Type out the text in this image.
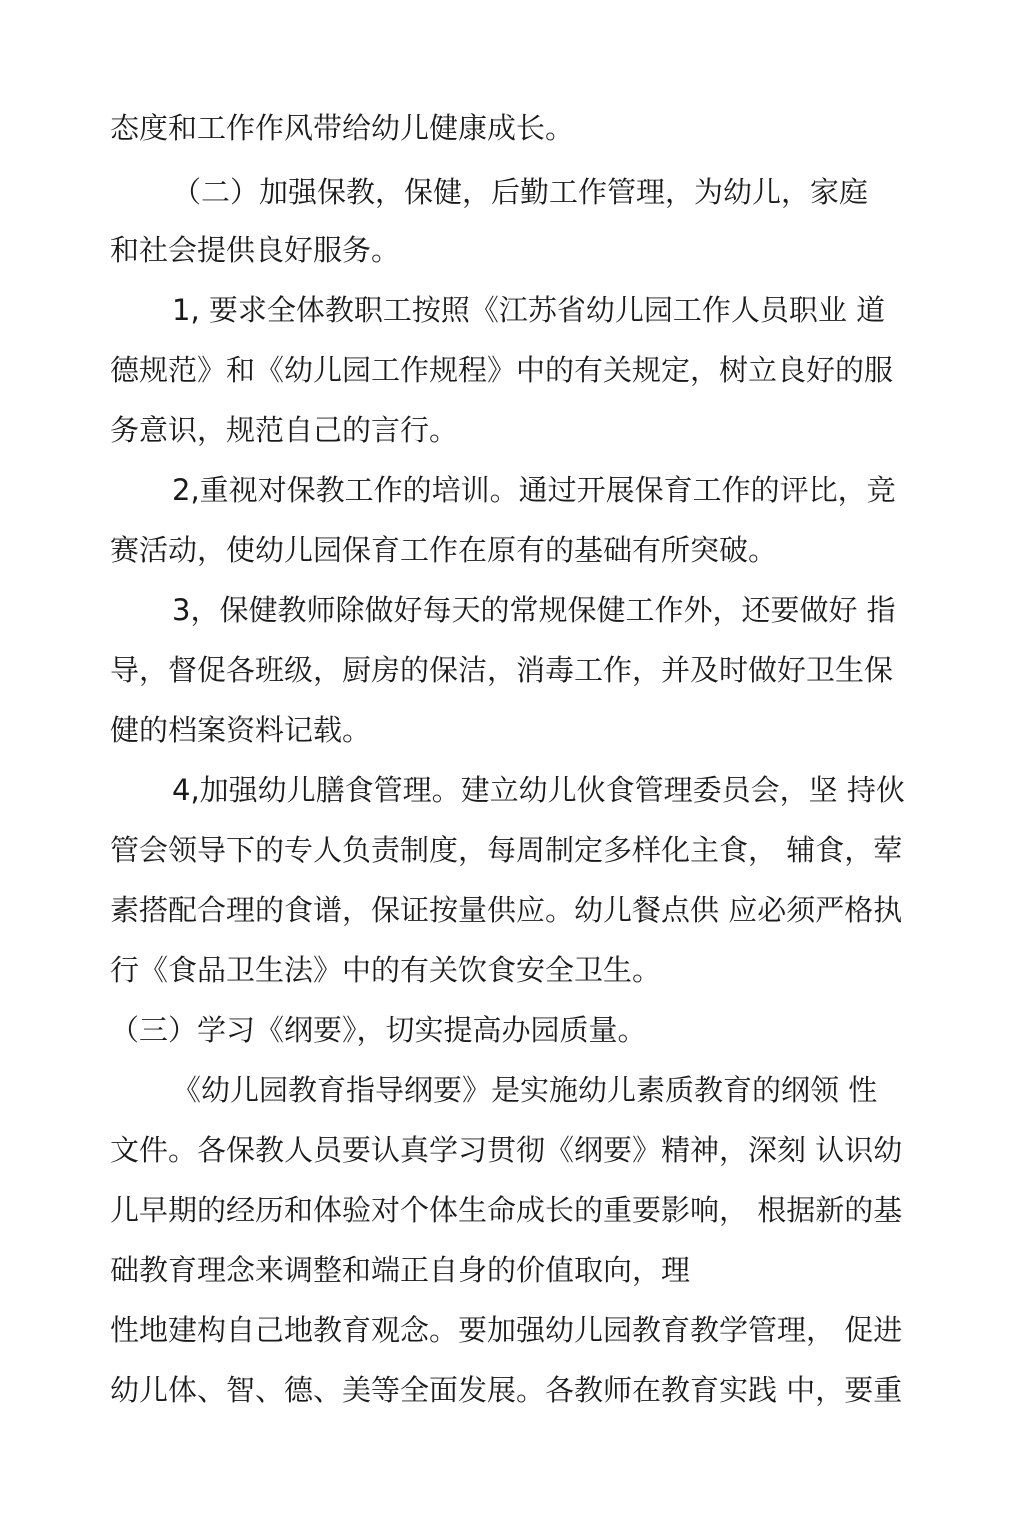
态度和工作作风带给幼儿健康成长。
（二）加强保教，保健，后勤工作管理，为幼儿，家庭
和社会提供良好服务。
1, 要求全体教职工按照《江苏省幼儿园工作人员职业 道
德规范》和《幼儿园工作规程》中的有关规定，树立良好的服
务意识，规范自己的言行。
2,重视对保教工作的培训。通过开展保育工作的评比，竞
赛活动，使幼儿园保育工作在原有的基础有所突破。
3，保健教师除做好每天的常规保健工作外，还要做好 指
导，督促各班级，厨房的保洁，消毒工作，并及时做好卫生保
健的档案资料记载。
4,加强幼儿膳食管理。建立幼儿伙食管理委员会，坚 持伙
管会领导下的专人负责制度，每周制定多样化主食， 辅食，荤
素搭配合理的食谱，保证按量供应。幼儿餐点供 应必须严格执
行《食品卫生法》中的有关饮食安全卫生。
（三）学习《纲要》，切实提高办园质量。
《幼儿园教育指导纲要》是实施幼儿素质教育的纲领 性
文件。各保教人员要认真学习贯彻《纲要》精神，深刻 认识幼
儿早期的经历和体验对个体生命成长的重要影响， 根据新的基
础教育理念来调整和端正自身的价值取向，理
性地建构自己地教育观念。要加强幼儿园教育教学管理， 促进
幼儿体、智、德、美等全面发展。各教师在教育实践 中，要重
